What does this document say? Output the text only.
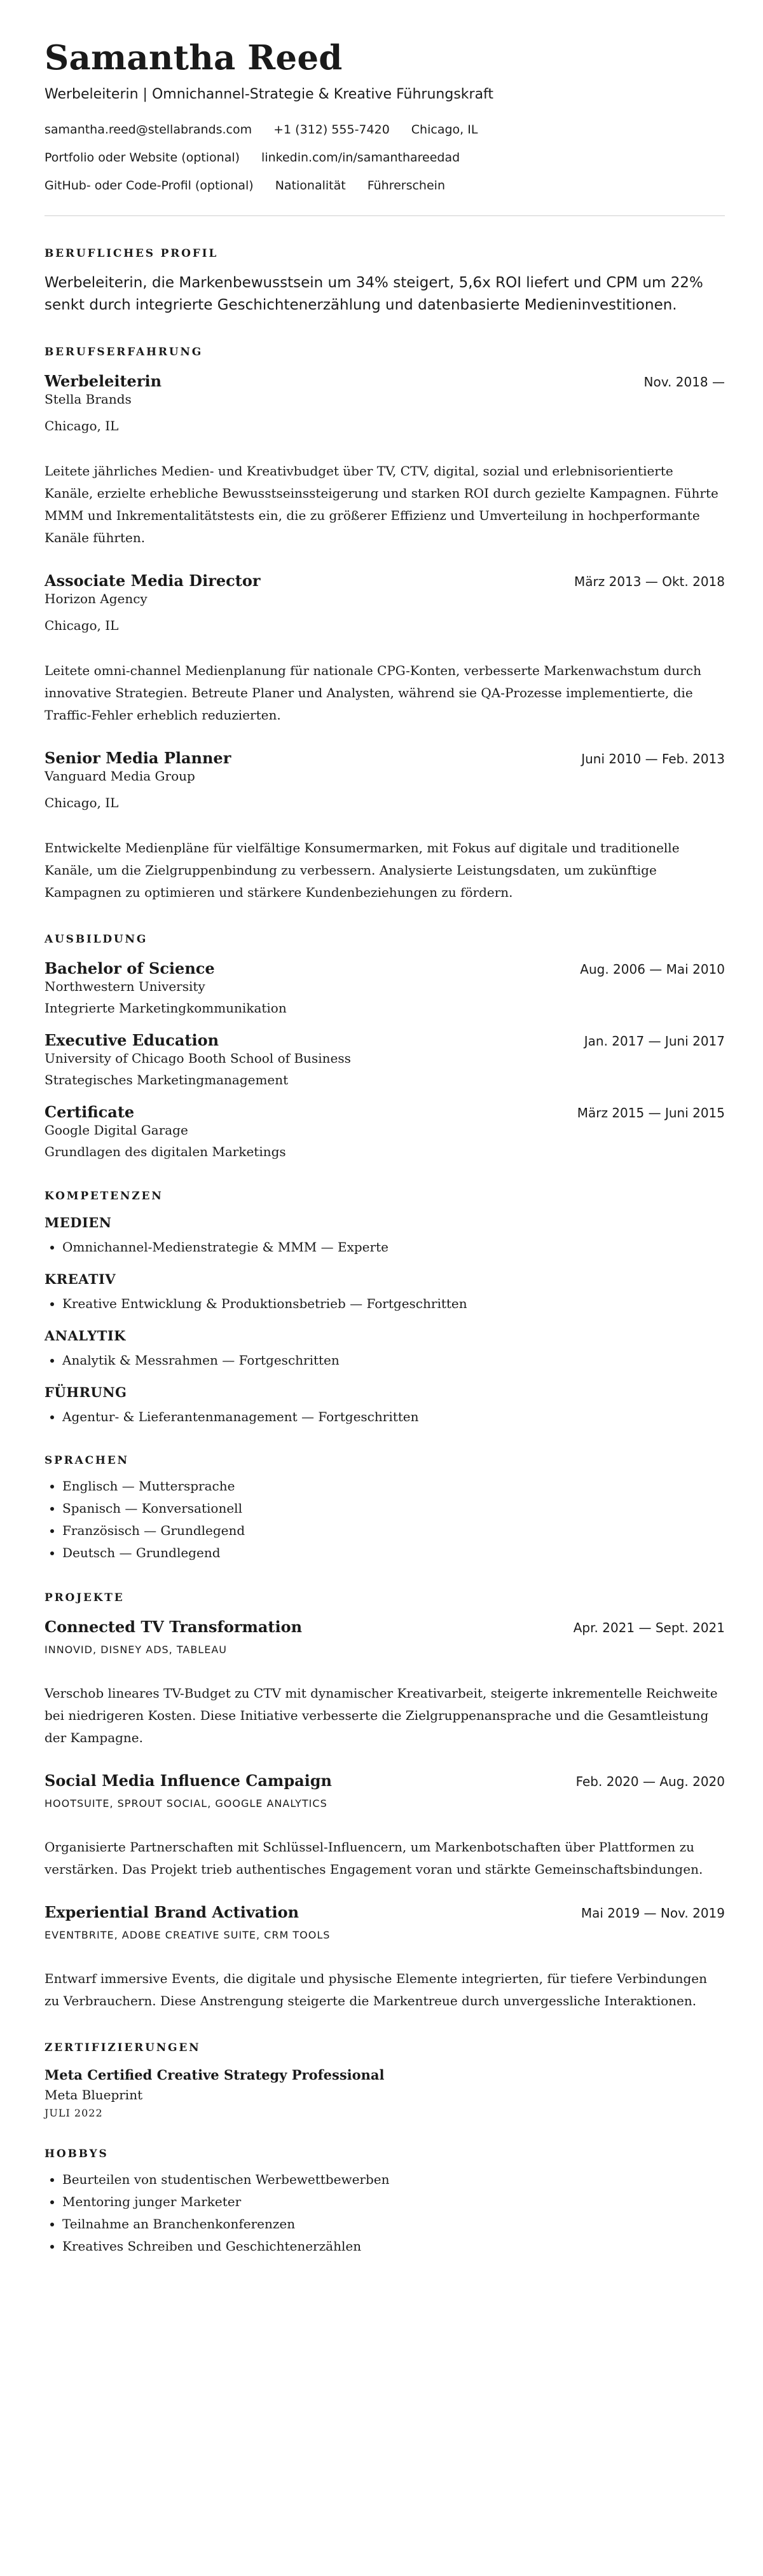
Samantha Reed
Werbeleiterin | Omnichannel-Strategie & Kreative Führungskraft
samantha.reed@stellabrands.com +1 (312) 555-7420 Chicago, IL
Portfolio oder Website (optional) linkedin.com/in/samanthareedad
GitHub- oder Code-Profil (optional) Nationalität Führerschein
BERUFLICHES PROFIL
Werbeleiterin, die Markenbewusstsein um 34% steigert, 5,6x ROI liefert und CPM um 22% senkt durch integrierte Geschichtenerzählung und datenbasierte Medieninvestitionen.
BERUFSERFAHRUNG
Werbeleiterin	Nov. 2018 —
Stella Brands
Chicago, IL
Leitete jährliches Medien- und Kreativbudget über TV, CTV, digital, sozial und erlebnisorientierte Kanäle, erzielte erhebliche Bewusstseinssteigerung und starken ROI durch gezielte Kampagnen. Führte MMM und Inkrementalitätstests ein, die zu größerer Effizienz und Umverteilung in hochperformante Kanäle führten.
Associate Media Director	März 2013 — Okt. 2018
Horizon Agency
Chicago, IL
Leitete omni-channel Medienplanung für nationale CPG-Konten, verbesserte Markenwachstum durch innovative Strategien. Betreute Planer und Analysten, während sie QA-Prozesse implementierte, die Traffic-Fehler erheblich reduzierten.
Senior Media Planner	Juni 2010 — Feb. 2013
Vanguard Media Group
Chicago, IL
Entwickelte Medienpläne für vielfältige Konsumermarken, mit Fokus auf digitale und traditionelle Kanäle, um die Zielgruppenbindung zu verbessern. Analysierte Leistungsdaten, um zukünftige Kampagnen zu optimieren und stärkere Kundenbeziehungen zu fördern.
AUSBILDUNG
Bachelor of Science	Aug. 2006 — Mai 2010
Northwestern University
Integrierte Marketingkommunikation
Executive Education	Jan. 2017 — Juni 2017
University of Chicago Booth School of Business
Strategisches Marketingmanagement
Certificate	März 2015 — Juni 2015
Google Digital Garage
Grundlagen des digitalen Marketings
KOMPETENZEN
MEDIEN
• Omnichannel-Medienstrategie & MMM — Experte
KREATIV
• Kreative Entwicklung & Produktionsbetrieb — Fortgeschritten
ANALYTIK
• Analytik & Messrahmen — Fortgeschritten
FÜHRUNG
• Agentur- & Lieferantenmanagement — Fortgeschritten
SPRACHEN
• Englisch — Muttersprache
• Spanisch — Konversationell
• Französisch — Grundlegend
• Deutsch — Grundlegend
PROJEKTE
Connected TV Transformation	Apr. 2021 — Sept. 2021
INNOVID, DISNEY ADS, TABLEAU
Verschob lineares TV-Budget zu CTV mit dynamischer Kreativarbeit, steigerte inkrementelle Reichweite bei niedrigeren Kosten. Diese Initiative verbesserte die Zielgruppenansprache und die Gesamtleistung der Kampagne.
Social Media Influence Campaign	Feb. 2020 — Aug. 2020
HOOTSUITE, SPROUT SOCIAL, GOOGLE ANALYTICS
Organisierte Partnerschaften mit Schlüssel-Influencern, um Markenbotschaften über Plattformen zu verstärken. Das Projekt trieb authentisches Engagement voran und stärkte Gemeinschaftsbindungen.
Experiential Brand Activation	Mai 2019 — Nov. 2019
EVENTBRITE, ADOBE CREATIVE SUITE, CRM TOOLS
Entwarf immersive Events, die digitale und physische Elemente integrierten, für tiefere Verbindungen zu Verbrauchern. Diese Anstrengung steigerte die Markentreue durch unvergessliche Interaktionen.
ZERTIFIZIERUNGEN
Meta Certified Creative Strategy Professional
Meta Blueprint
JULI 2022
HOBBYS
• Beurteilen von studentischen Werbewettbewerben
• Mentoring junger Marketer
• Teilnahme an Branchenkonferenzen
• Kreatives Schreiben und Geschichtenerzählen
